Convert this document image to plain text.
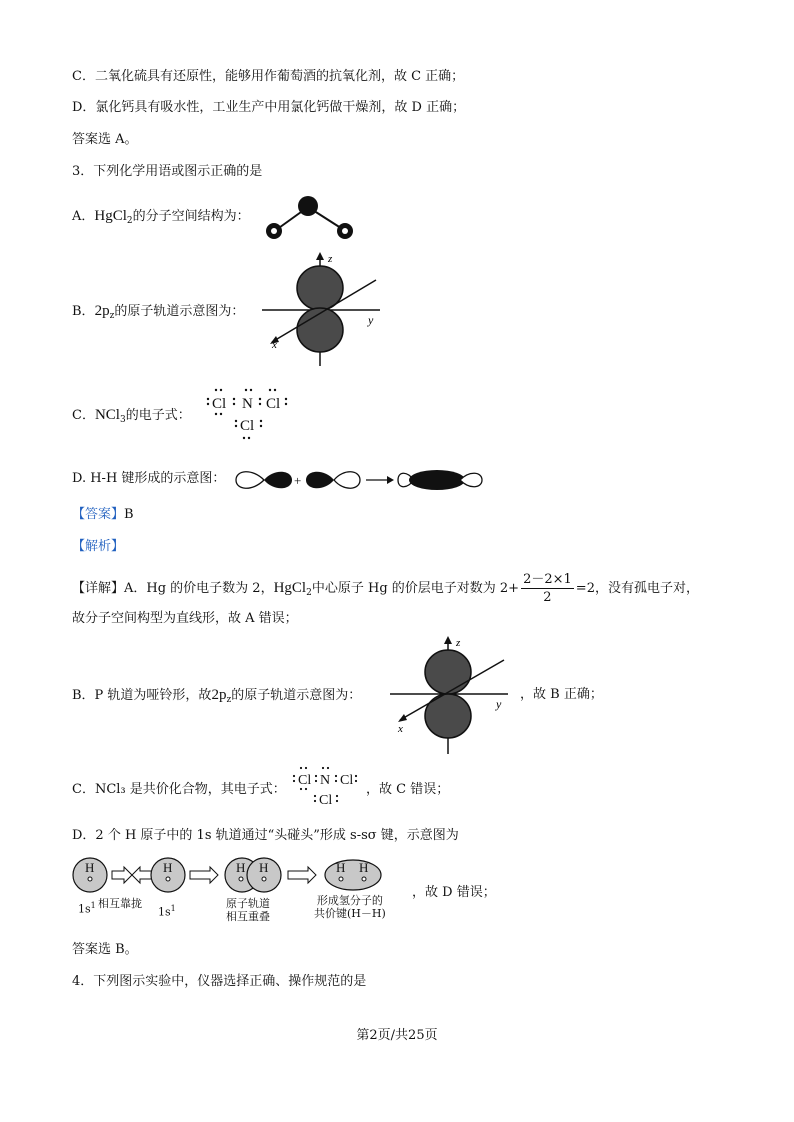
C．二氧化硫具有还原性，能够用作葡萄酒的抗氧化剂，故 C 正确；
D．氯化钙具有吸水性，工业生产中用氯化钙做干燥剂，故 D 正确；
答案选 A。
3．下列化学用语或图示正确的是
A．HgCl$_2$的分子空间结构为：
B．$2p_z$的原子轨道示意图为：
z
y
x
C．NCl$_3$的电子式：
Cl N Cl
Cl
D. H-H 键形成的示意图：	+
【答案】B
【解析】
【详解】A．Hg 的价电子数为 2，HgCl$_2$中心原子 Hg 的价层电子对数为 $2+ \frac{2-2\times 1}{2} =2$，没有孤电子对，
故分子空间构型为直线形，故 A 错误；
B．P 轨道为哑铃形，故$2p_z$的原子轨道示意图为：
z
y
x
，故 B 正确；
C．NCl₃ 是共价化合物，其电子式：
Cl N Cl
Cl
，故 C 错误；
D．2 个 H 原子中的 1s 轨道通过“头碰头”形成 s-sσ 键，示意图为
H	H	H H	H H
，故 D 错误；
$1s^1$ 相互靠拢
$1s^1$	原子轨道
相互重叠
形成氢分子的
共价键(H－H)
答案选 B。
4．下列图示实验中，仪器选择正确、操作规范的是
第2页/共25页
